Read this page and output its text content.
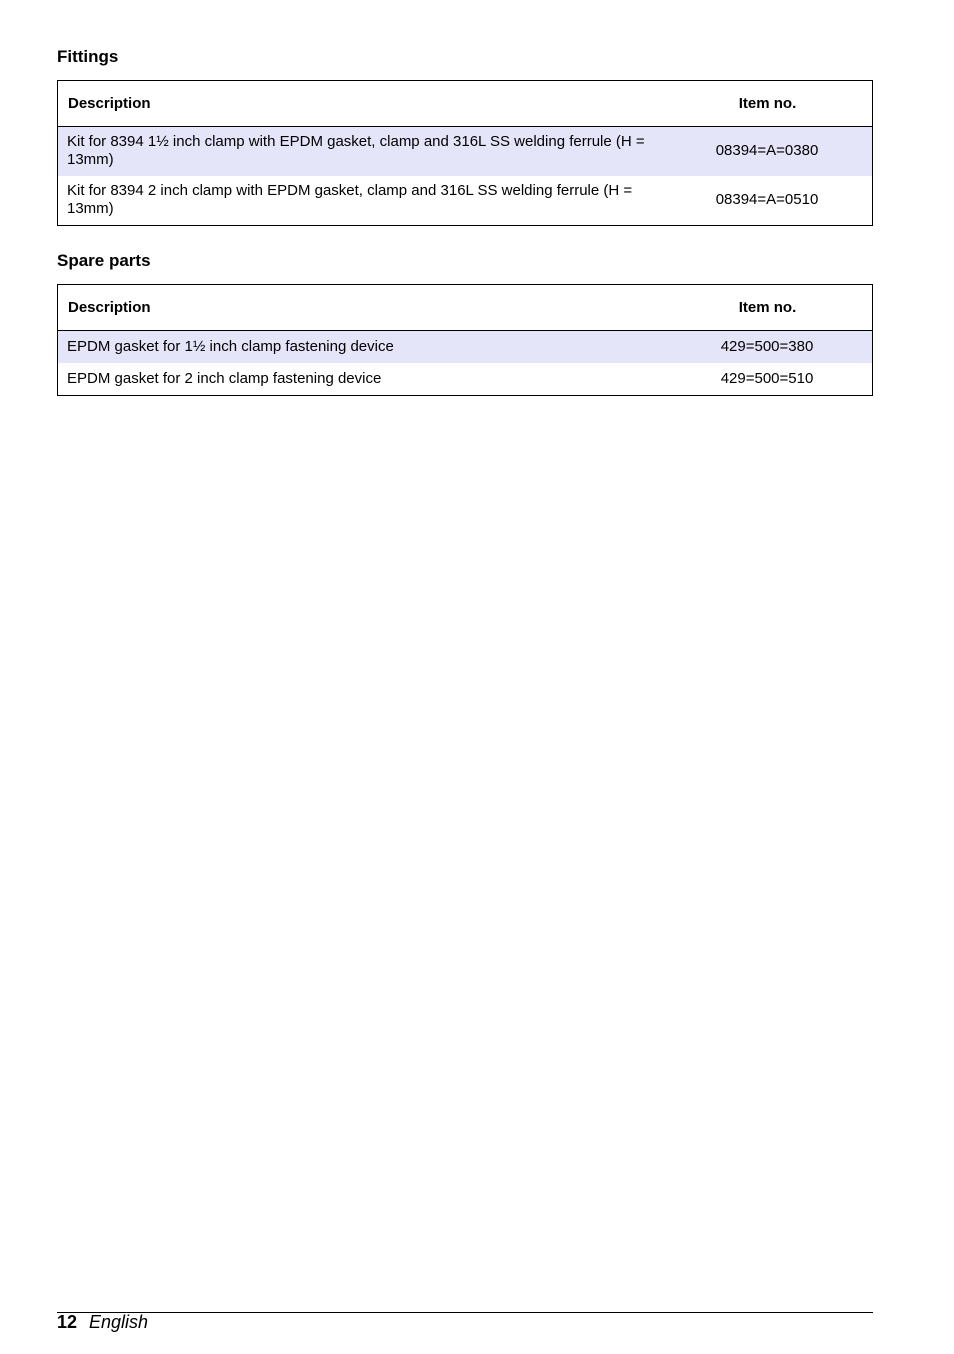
Fittings
Description	Item no.
Kit for 8394 1½ inch clamp with EPDM gasket, clamp and 316L SS welding ferrule (H = 13mm)	08394=A=0380
Kit for 8394 2 inch clamp with EPDM gasket, clamp and 316L SS welding ferrule (H = 13mm)	08394=A=0510
Spare parts
Description	Item no.
EPDM gasket for 1½ inch clamp fastening device	429=500=380
EPDM gasket for 2 inch clamp fastening device	429=500=510
12 English
